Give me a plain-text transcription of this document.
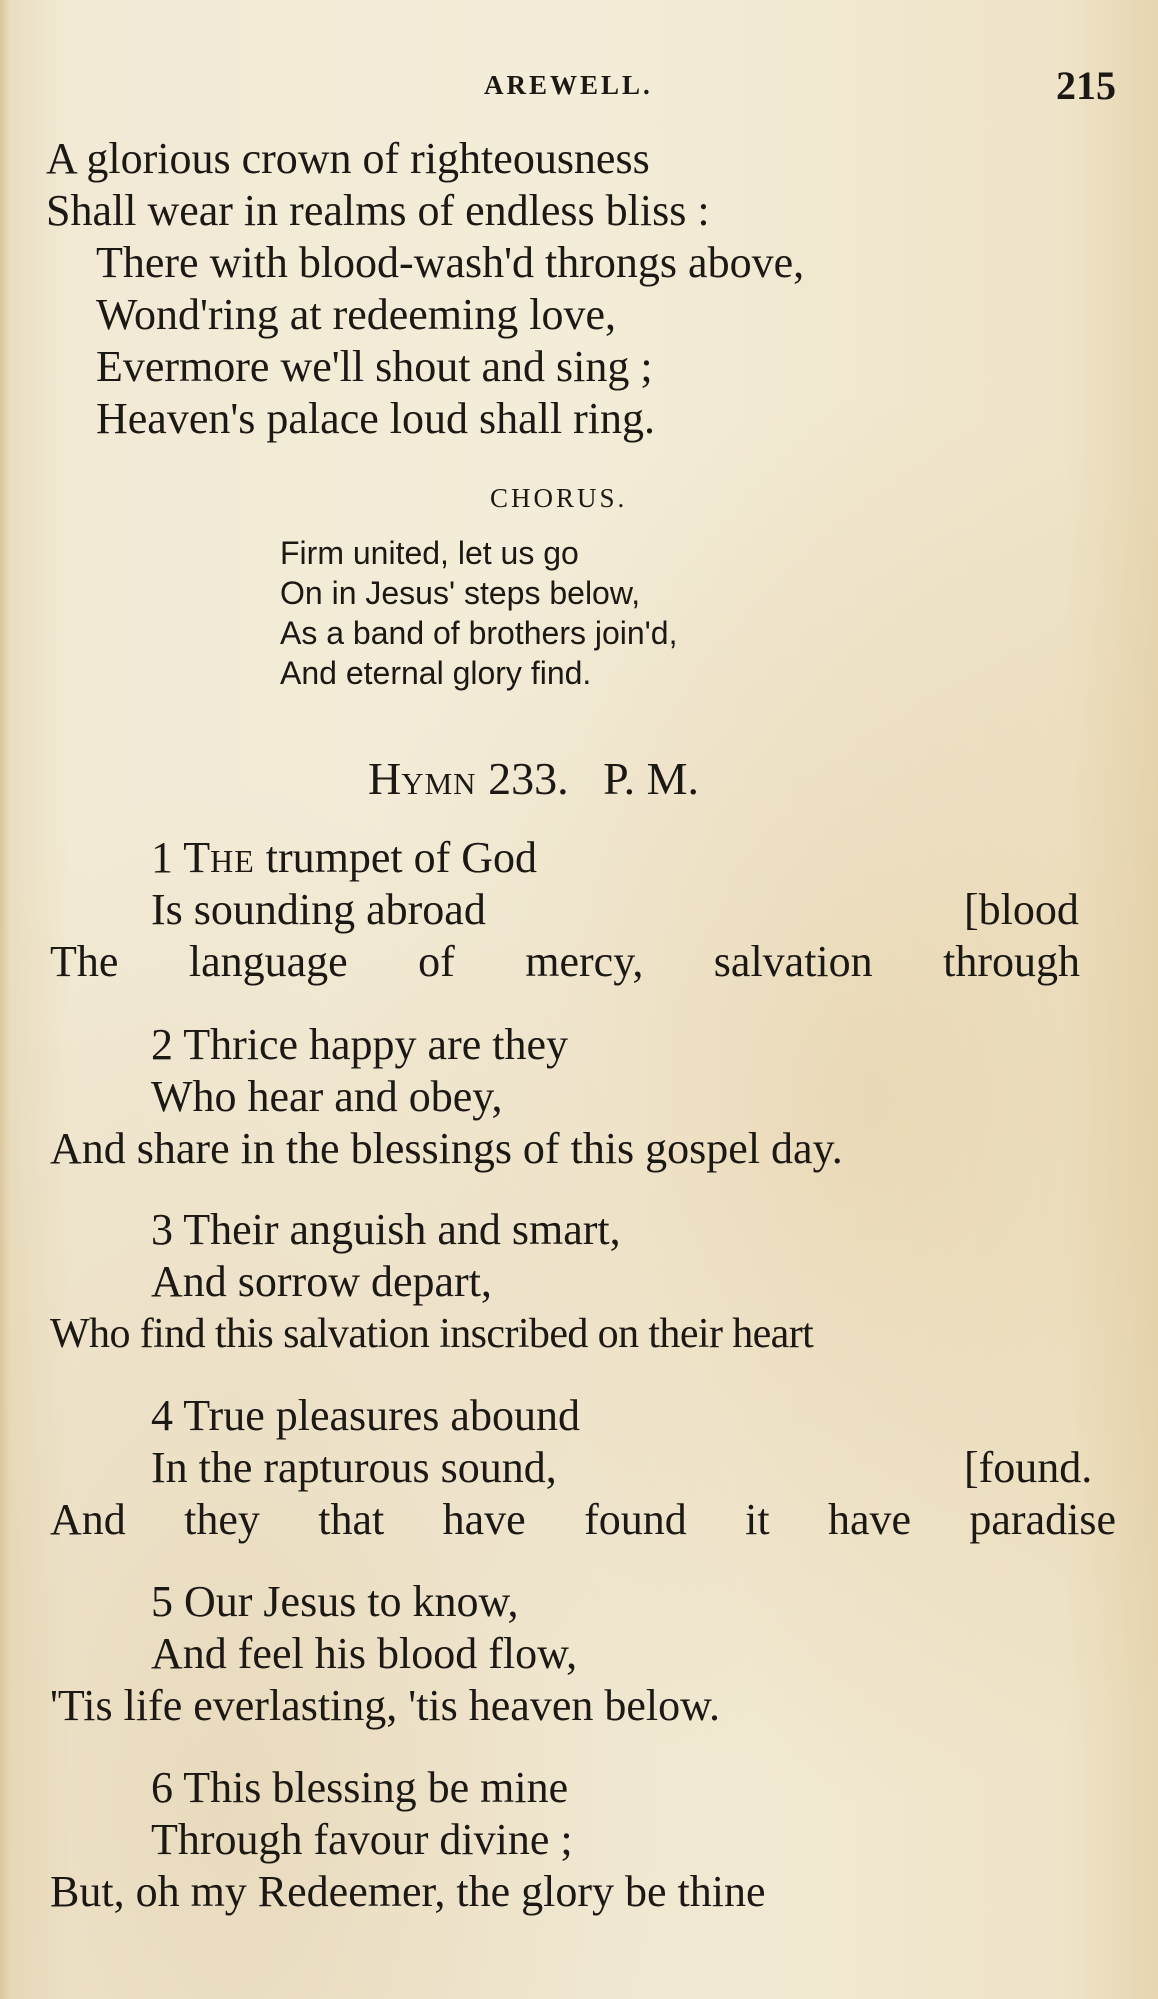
AREWELL.	215
A glorious crown of righteousness
Shall wear in realms of endless bliss :
There with blood-wash'd throngs above,
Wond'ring at redeeming love,
Evermore we'll shout and sing ;
Heaven's palace loud shall ring.
CHORUS.
Firm united, let us go
On in Jesus' steps below,
As a band of brothers join'd,
And eternal glory find.
HYMN 233.   P. M.
1 THE trumpet of God
Is sounding abroad	[blood
The language of mercy, salvation through
2 Thrice happy are they
Who hear and obey,
And share in the blessings of this gospel day.
3 Their anguish and smart,
And sorrow depart,
Who find this salvation inscribed on their heart
4 True pleasures abound
In the rapturous sound,	[found.
And they that have found it have paradise
5 Our Jesus to know,
And feel his blood flow,
'Tis life everlasting, 'tis heaven below.
6 This blessing be mine
Through favour divine ;
But, oh my Redeemer, the glory be thine
